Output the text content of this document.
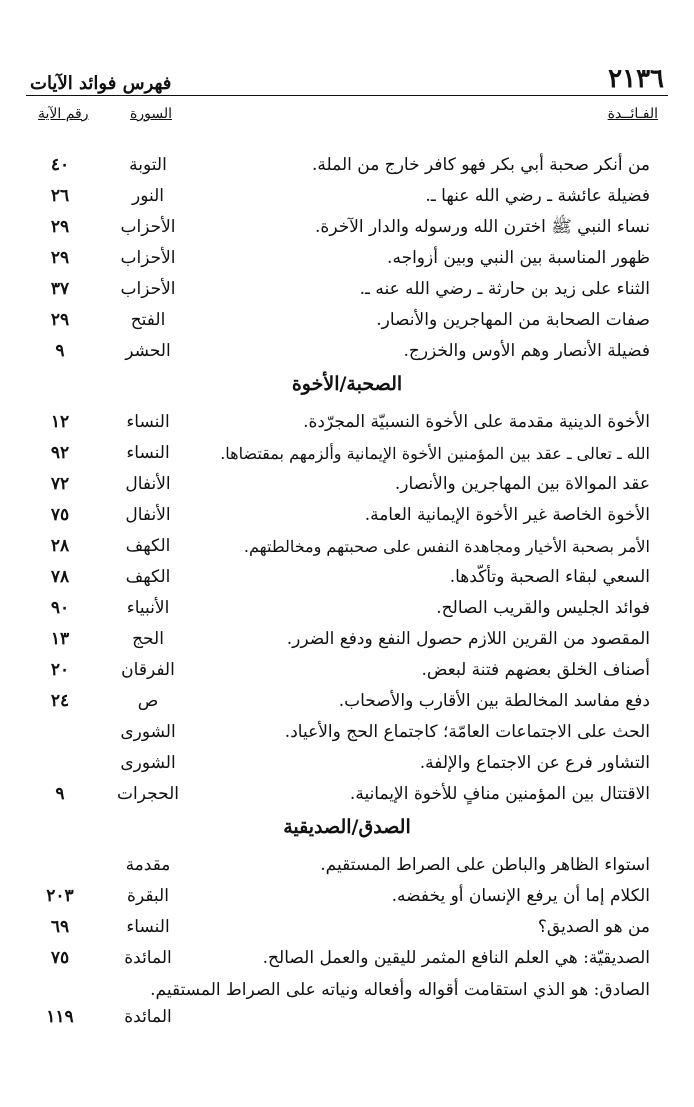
فهرس فوائد الآيات	٢١٣٦
الفـائــدة
السورة
رقم الآية
من أنكر صحبة أبي بكر فهو كافر خارج من الملة.
التوبة
٤٠
فضيلة عائشة ـ رضي الله عنها ـ.
النور
٢٦
نساء النبي ﷺ اخترن الله ورسوله والدار الآخرة.
الأحزاب
٢٩
ظهور المناسبة بين النبي وبين أزواجه.
الأحزاب
٢٩
الثناء على زيد بن حارثة ـ رضي الله عنه ـ.
الأحزاب
٣٧
صفات الصحابة من المهاجرين والأنصار.
الفتح
٢٩
فضيلة الأنصار وهم الأوس والخزرج.
الحشر
٩
الصحبة/الأخوة
الأخوة الدينية مقدمة على الأخوة النسبيّة المجرّدة.
النساء
١٢
الله ـ تعالى ـ عقد بين المؤمنين الأخوة الإيمانية وألزمهم بمقتضاها.
النساء
٩٢
عقد الموالاة بين المهاجرين والأنصار.
الأنفال
٧٢
الأخوة الخاصة غير الأخوة الإيمانية العامة.
الأنفال
٧٥
الأمر بصحبة الأخيار ومجاهدة النفس على صحبتهم ومخالطتهم.
الكهف
٢٨
السعي لبقاء الصحبة وتأكّدها.
الكهف
٧٨
فوائد الجليس والقريب الصالح.
الأنبياء
٩٠
المقصود من القرين اللازم حصول النفع ودفع الضرر.
الحج
١٣
أصناف الخلق بعضهم فتنة لبعض.
الفرقان
٢٠
دفع مفاسد المخالطة بين الأقارب والأصحاب.
ص
٢٤
الحث على الاجتماعات العامّة؛ كاجتماع الحج والأعياد.
الشورى
التشاور فرع عن الاجتماع والإلفة.
الشورى
الاقتتال بين المؤمنين منافٍ للأخوة الإيمانية.
الحجرات
٩
الصدق/الصديقية
استواء الظاهر والباطن على الصراط المستقيم.
مقدمة
الكلام إما أن يرفع الإنسان أو يخفضه.
البقرة
٢٠٣
من هو الصديق؟
النساء
٦٩
الصديقيّة: هي العلم النافع المثمر لليقين والعمل الصالح.
المائدة
٧٥
الصادق: هو الذي استقامت أقواله وأفعاله ونياته على الصراط المستقيم.
المائدة
١١٩
